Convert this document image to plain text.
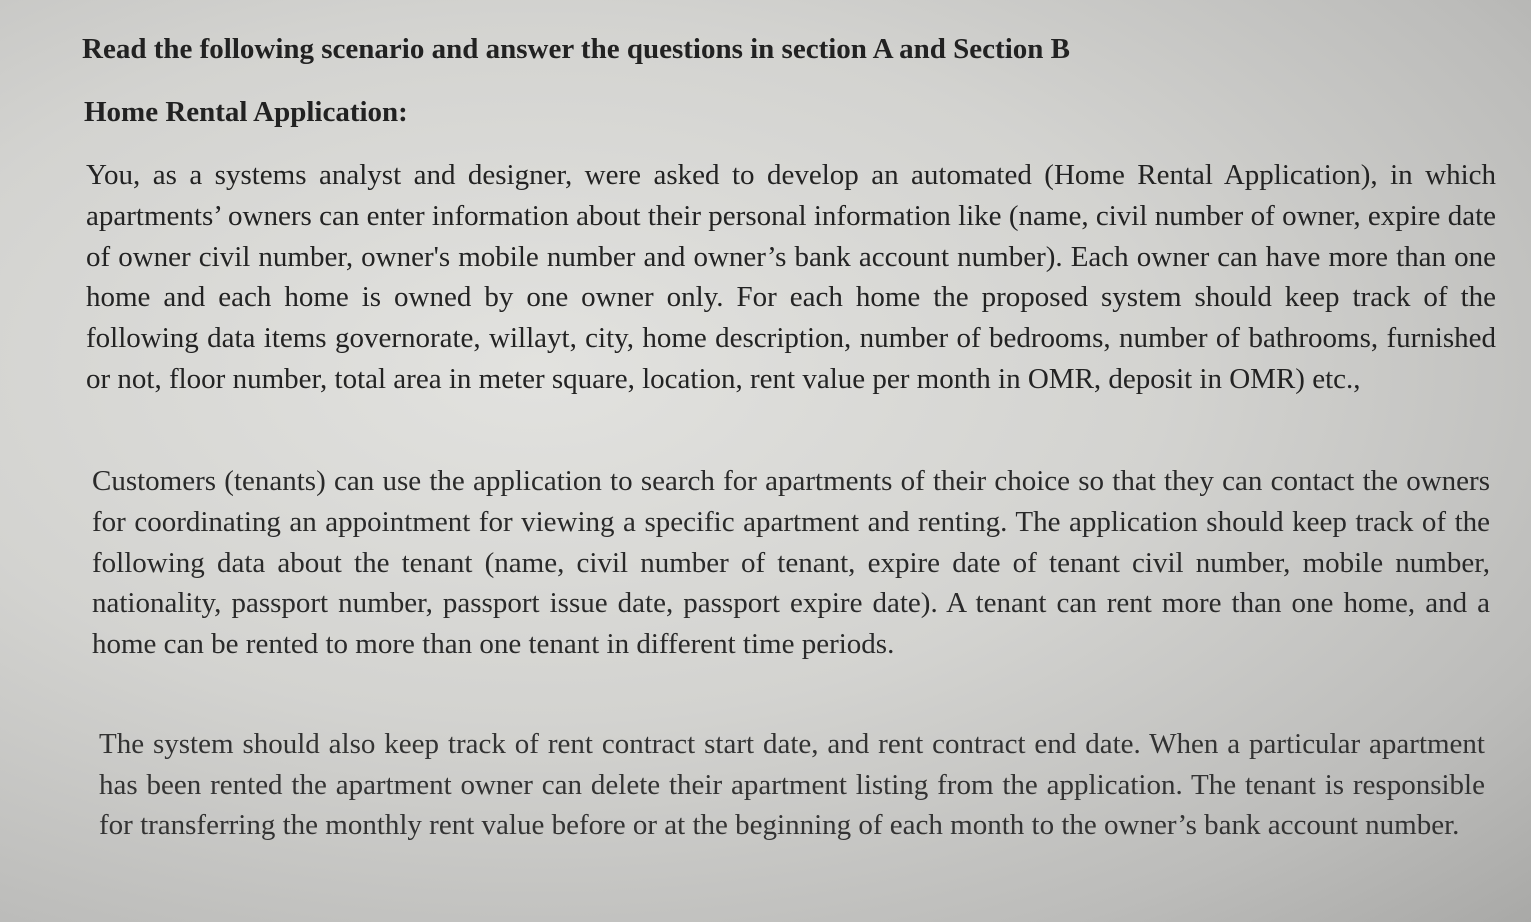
Read the following scenario and answer the questions in section A and Section B
Home Rental Application:
You, as a systems analyst and designer, were asked to develop an automated (Home Rental Application), in which apartments’ owners can enter information about their personal information like (name, civil number of owner, expire date of owner civil number, owner's mobile number and owner’s bank account number). Each owner can have more than one home and each home is owned by one owner only. For each home the proposed system should keep track of the following data items governorate, willayt, city, home description, number of bedrooms, number of bathrooms, furnished or not, floor number, total area in meter square, location, rent value per month in OMR, deposit in OMR) etc.,
Customers (tenants) can use the application to search for apartments of their choice so that they can contact the owners for coordinating an appointment for viewing a specific apartment and renting. The application should keep track of the following data about the tenant (name, civil number of tenant, expire date of tenant civil number, mobile number, nationality, passport number, passport issue date, passport expire date). A tenant can rent more than one home, and a home can be rented to more than one tenant in different time periods.
The system should also keep track of rent contract start date, and rent contract end date. When a particular apartment has been rented the apartment owner can delete their apartment listing from the application. The tenant is responsible for transferring the monthly rent value before or at the beginning of each month to the owner’s bank account number.
